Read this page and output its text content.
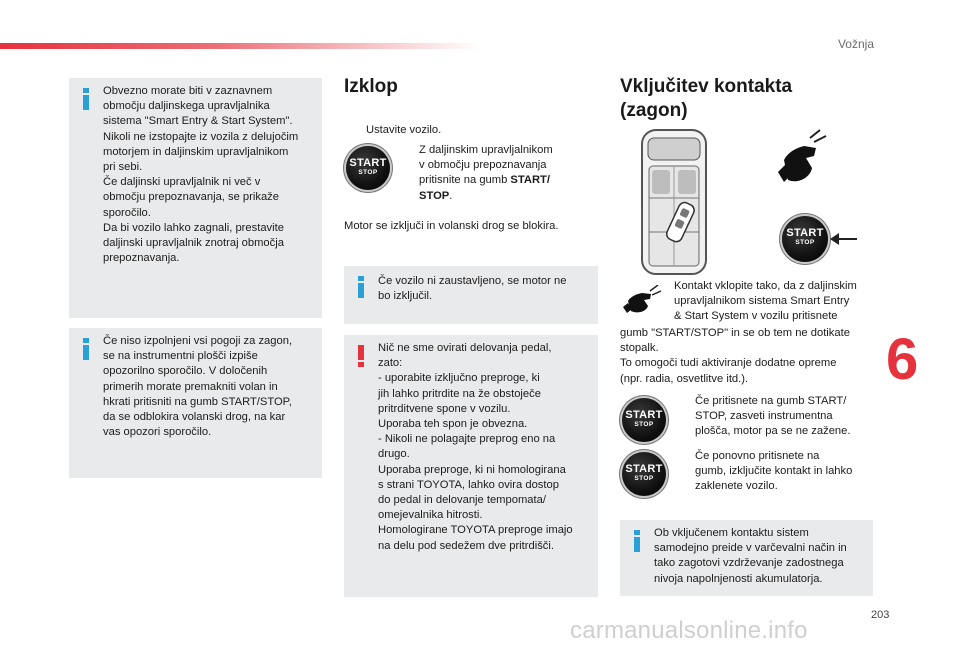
Vožnja
Obvezno morate biti v zaznavnem
območju daljinskega upravljalnika
sistema "Smart Entry & Start System".
Nikoli ne izstopajte iz vozila z delujočim
motorjem in daljinskim upravljalnikom
pri sebi.
Če daljinski upravljalnik ni več v
območju prepoznavanja, se prikaže
sporočilo.
Da bi vozilo lahko zagnali, prestavite
daljinski upravljalnik znotraj območja
prepoznavanja.
Če niso izpolnjeni vsi pogoji za zagon,
se na instrumentni plošči izpiše
opozorilno sporočilo. V določenih
primerih morate premakniti volan in
hkrati pritisniti na gumb START/STOP,
da se odblokira volanski drog, na kar
vas opozori sporočilo.
Izklop
Ustavite vozilo.
START
STOP
Z daljinskim upravljalnikom
v območju prepoznavanja
pritisnite na gumb START/
STOP.
Motor se izključi in volanski drog se blokira.
Če vozilo ni zaustavljeno, se motor ne
bo izključil.
Nič ne sme ovirati delovanja pedal,
zato:
- uporabite izključno preproge, ki
jih lahko pritrdite na že obstoječe
pritrditvene spone v vozilu.
Uporaba teh spon je obvezna.
- Nikoli ne polagajte preprog eno na
drugo.
Uporaba preproge, ki ni homologirana
s strani TOYOTA, lahko ovira dostop
do pedal in delovanje tempomata/
omejevalnika hitrosti.
Homologirane TOYOTA preproge imajo
na delu pod sedežem dve pritrdišči.
Vključitev kontakta
(zagon)
START
STOP
Kontakt vklopite tako, da z daljinskim
upravljalnikom sistema Smart Entry
& Start System v vozilu pritisnete
gumb "START/STOP" in se ob tem ne dotikate
stopalk.
To omogoči tudi aktiviranje dodatne opreme
(npr. radia, osvetlitve itd.).
START
STOP
Če pritisnete na gumb START/
STOP, zasveti instrumentna
plošča, motor pa se ne zažene.
START
STOP
Če ponovno pritisnete na
gumb, izključite kontakt in lahko
zaklenete vozilo.
Ob vključenem kontaktu sistem
samodejno preide v varčevalni način in
tako zagotovi vzdrževanje zadostnega
nivoja napolnjenosti akumulatorja.
6
203
carmanualsonline.info
